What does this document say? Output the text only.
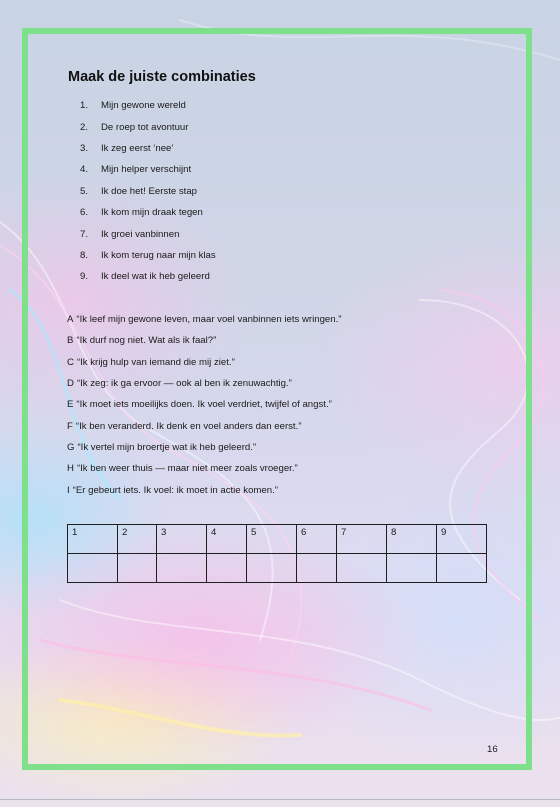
Maak de juiste combinaties
1.	Mijn gewone wereld
2.	De roep tot avontuur
3.	Ik zeg eerst ‘nee’
4.	Mijn helper verschijnt
5.	Ik doe het! Eerste stap
6.	Ik kom mijn draak tegen
7.	Ik groei vanbinnen
8.	Ik kom terug naar mijn klas
9.	Ik deel wat ik heb geleerd
A “Ik leef mijn gewone leven, maar voel vanbinnen iets wringen.”
B “Ik durf nog niet. Wat als ik faal?”
C “Ik krijg hulp van iemand die mij ziet.”
D “Ik zeg: ik ga ervoor — ook al ben ik zenuwachtig.”
E “Ik moet iets moeilijks doen. Ik voel verdriet, twijfel of angst.”
F “Ik ben veranderd. Ik denk en voel anders dan eerst.”
G “Ik vertel mijn broertje wat ik heb geleerd.”
H “Ik ben weer thuis — maar niet meer zoals vroeger.”
I “Er gebeurt iets. Ik voel: ik moet in actie komen.”
1	2	3	4	5	6	7	8	9

16
